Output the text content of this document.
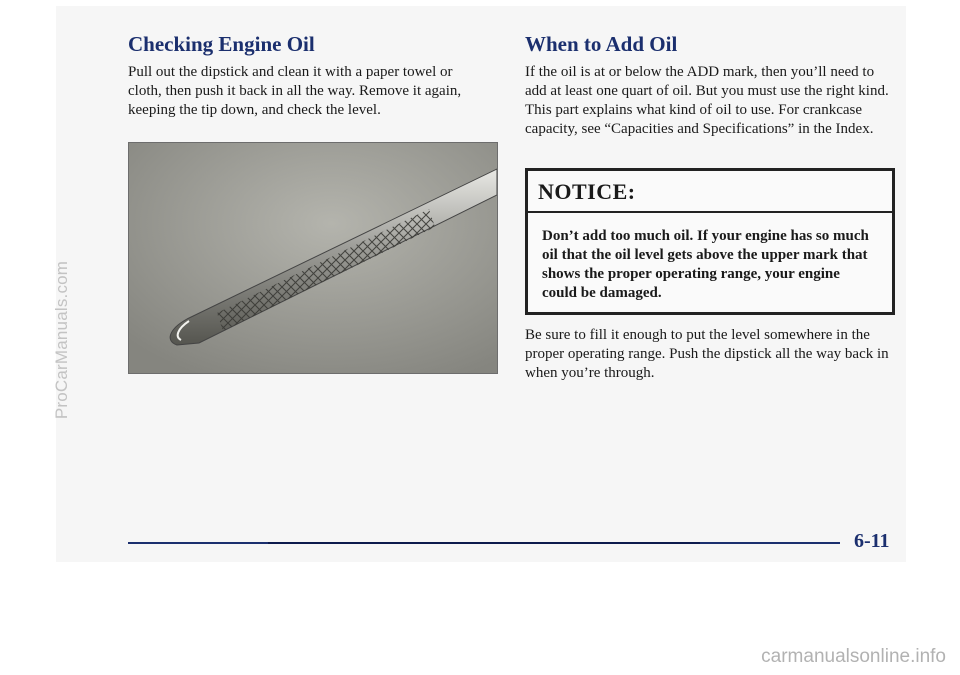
ProCarManuals.com
Checking Engine Oil

Pull out the dipstick and clean it with a paper towel or cloth, then push it back in all the way. Remove it again, keeping the tip down, and check the level.

When to Add Oil

If the oil is at or below the ADD mark, then you’ll need to add at least one quart of oil. But you must use the right kind. This part explains what kind of oil to use. For crankcase capacity, see “Capacities and Specifications” in the Index.

NOTICE:

Don’t add too much oil. If your engine has so much oil that the oil level gets above the upper mark that shows the proper operating range, your engine could be damaged.

Be sure to fill it enough to put the level somewhere in the proper operating range. Push the dipstick all the way back in when you’re through.

6-11

carmanualsonline.info
